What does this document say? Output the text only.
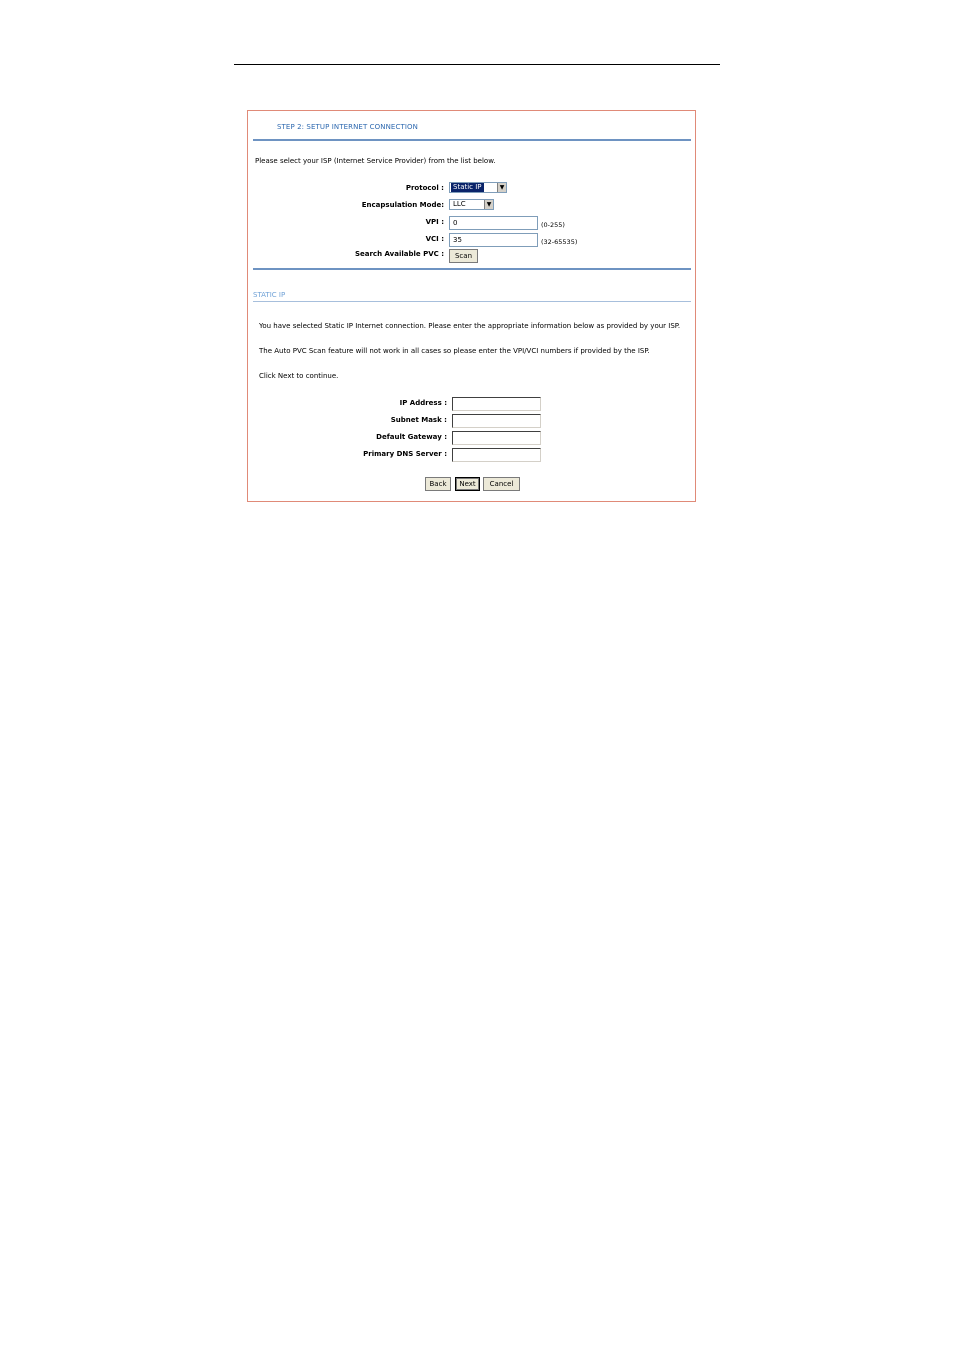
STEP 2: SETUP INTERNET CONNECTION
Please select your ISP (Internet Service Provider) from the list below.
Protocol : Static IP	▼
Encapsulation Mode: LLC	▼
VPI :	0	(0-255)
VCI :	35	(32-65535)
Search Available PVC :	Scan
STATIC IP
You have selected Static IP Internet connection. Please enter the appropriate information below as provided by your ISP.
The Auto PVC Scan feature will not work in all cases so please enter the VPI/VCI numbers if provided by the ISP.
Click Next to continue.
IP Address :
Subnet Mask :
Default Gateway :
Primary DNS Server :
Back	Next	Cancel
